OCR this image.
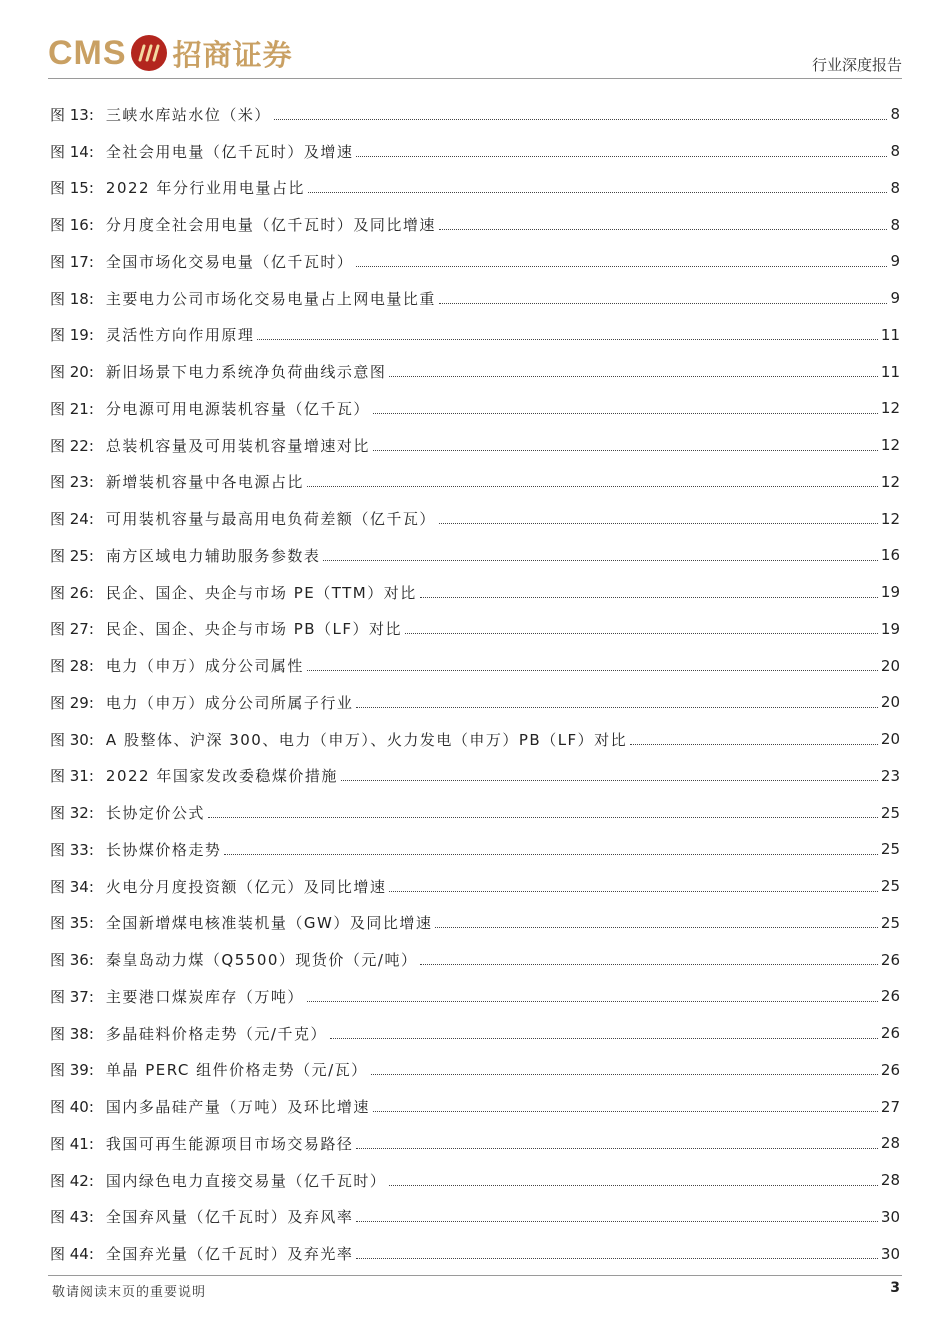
CMS 招商证券	行业深度报告
图 13: 三峡水库站水位（米）	8
图 14: 全社会用电量（亿千瓦时）及增速	8
图 15: 2022 年分行业用电量占比	8
图 16: 分月度全社会用电量（亿千瓦时）及同比增速	8
图 17: 全国市场化交易电量（亿千瓦时）	9
图 18: 主要电力公司市场化交易电量占上网电量比重	9
图 19: 灵活性方向作用原理	11
图 20: 新旧场景下电力系统净负荷曲线示意图	11
图 21: 分电源可用电源装机容量（亿千瓦）	12
图 22: 总装机容量及可用装机容量增速对比	12
图 23: 新增装机容量中各电源占比	12
图 24: 可用装机容量与最高用电负荷差额（亿千瓦）	12
图 25: 南方区域电力辅助服务参数表	16
图 26: 民企、国企、央企与市场 PE（TTM）对比	19
图 27: 民企、国企、央企与市场 PB（LF）对比	19
图 28: 电力（申万）成分公司属性	20
图 29: 电力（申万）成分公司所属子行业	20
图 30: A 股整体、沪深 300、电力（申万）、火力发电（申万）PB（LF）对比	20
图 31: 2022 年国家发改委稳煤价措施	23
图 32: 长协定价公式	25
图 33: 长协煤价格走势	25
图 34: 火电分月度投资额（亿元）及同比增速	25
图 35: 全国新增煤电核准装机量（GW）及同比增速	25
图 36: 秦皇岛动力煤（Q5500）现货价（元/吨）	26
图 37: 主要港口煤炭库存（万吨）	26
图 38: 多晶硅料价格走势（元/千克）	26
图 39: 单晶 PERC 组件价格走势（元/瓦）	26
图 40: 国内多晶硅产量（万吨）及环比增速	27
图 41: 我国可再生能源项目市场交易路径	28
图 42: 国内绿色电力直接交易量（亿千瓦时）	28
图 43: 全国弃风量（亿千瓦时）及弃风率	30
图 44: 全国弃光量（亿千瓦时）及弃光率	30
敬请阅读末页的重要说明	3
